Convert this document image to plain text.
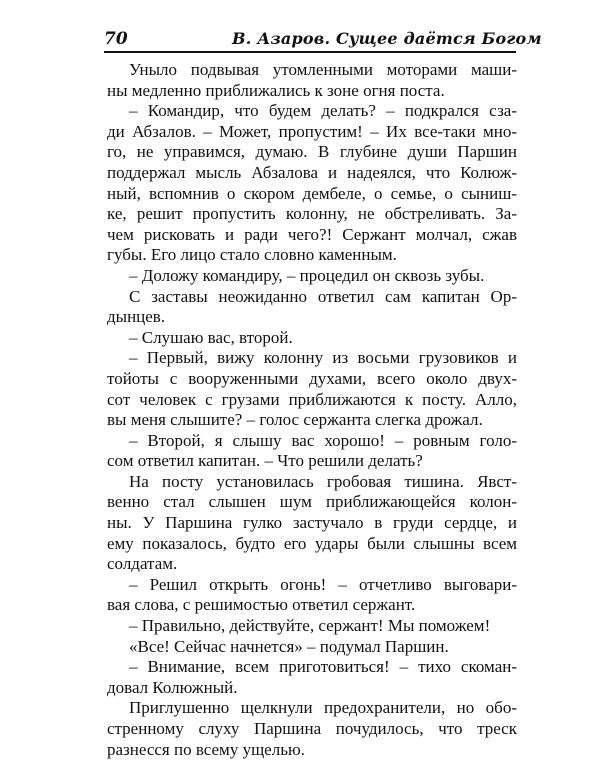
70	В. Азаров. Сущее даётся Богом
Уныло подвывая утомленными моторами маши-
ны медленно приближались к зоне огня поста.
– Командир, что будем делать? – подкрался сза-
ди Абзалов. – Может, пропустим! – Их все-таки мно-
го, не управимся, думаю. В глубине души Паршин
поддержал мысль Абзалова и надеялся, что Колюж-
ный, вспомнив о скором дембеле, о семье, о сыниш-
ке, решит пропустить колонну, не обстреливать. За-
чем рисковать и ради чего?! Сержант молчал, сжав
губы. Его лицо стало словно каменным.
– Доложу командиру, – процедил он сквозь зубы.
С заставы неожиданно ответил сам капитан Ор-
дынцев.
– Слушаю вас, второй.
– Первый, вижу колонну из восьми грузовиков и
тойоты с вооруженными духами, всего около двух-
сот человек с грузами приближаются к посту. Алло,
вы меня слышите? – голос сержанта слегка дрожал.
– Второй, я слышу вас хорошо! – ровным голо-
сом ответил капитан. – Что решили делать?
На посту установилась гробовая тишина. Явст-
венно стал слышен шум приближающейся колон-
ны. У Паршина гулко застучало в груди сердце, и
ему показалось, будто его удары были слышны всем
солдатам.
– Решил открыть огонь! – отчетливо выговари-
вая слова, с решимостью ответил сержант.
– Правильно, действуйте, сержант! Мы поможем!
«Все! Сейчас начнется» – подумал Паршин.
– Внимание, всем приготовиться! – тихо скоман-
довал Колюжный.
Приглушенно щелкнули предохранители, но обо-
стренному слуху Паршина почудилось, что треск
разнесся по всему ущелью.
